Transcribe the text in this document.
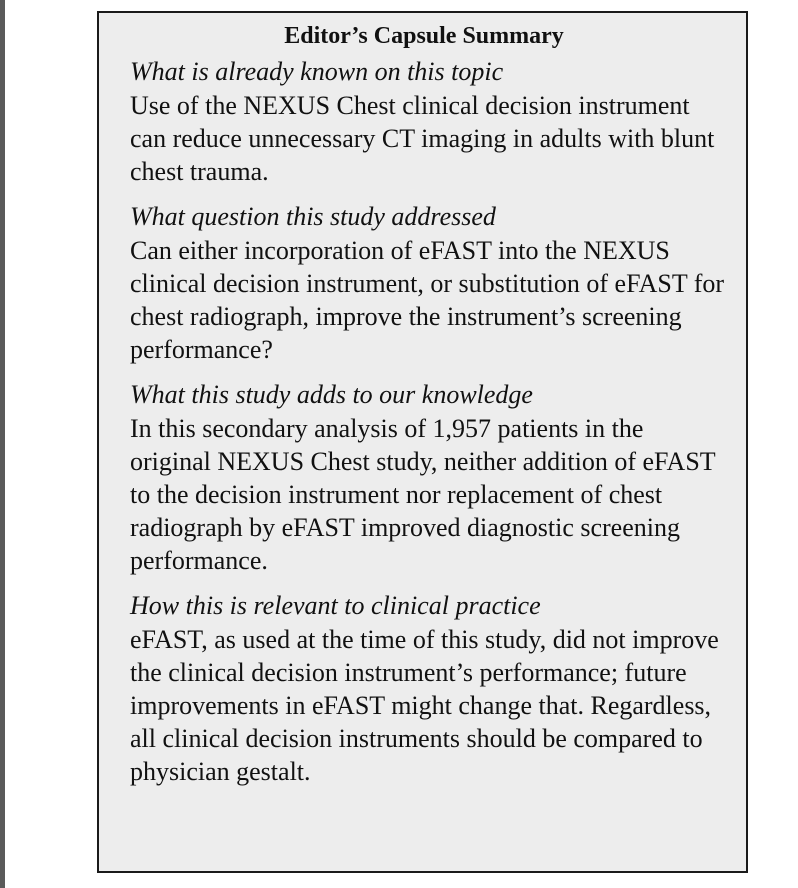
Editor’s Capsule Summary

What is already known on this topic

Use of the NEXUS Chest clinical decision instrument can reduce unnecessary CT imaging in adults with blunt chest trauma.

What question this study addressed

Can either incorporation of eFAST into the NEXUS clinical decision instrument, or substitution of eFAST for chest radiograph, improve the instrument’s screening performance?

What this study adds to our knowledge

In this secondary analysis of 1,957 patients in the original NEXUS Chest study, neither addition of eFAST to the decision instrument nor replacement of chest radiograph by eFAST improved diagnostic screening performance.

How this is relevant to clinical practice

eFAST, as used at the time of this study, did not improve the clinical decision instrument’s performance; future improvements in eFAST might change that. Regardless, all clinical decision instruments should be compared to physician gestalt.
